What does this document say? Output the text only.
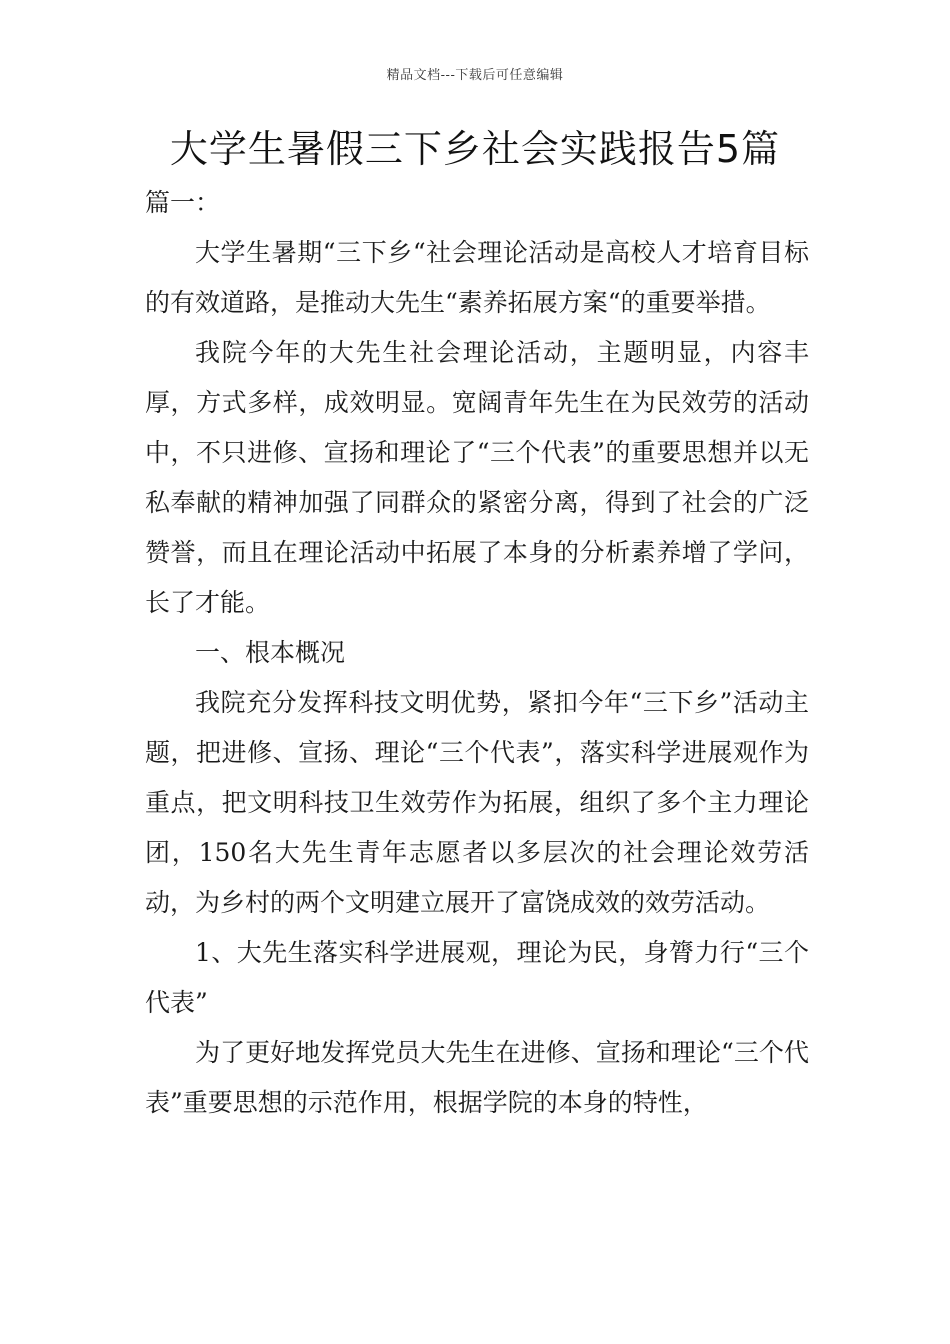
精品文档---下载后可任意编辑
大学生暑假三下乡社会实践报告5篇

篇一：

大学生暑期“三下乡“社会理论活动是高校人才培育目标的有效道路，是推动大先生“素养拓展方案“的重要举措。

我院今年的大先生社会理论活动，主题明显，内容丰厚，方式多样，成效明显。宽阔青年先生在为民效劳的活动中，不只进修、宣扬和理论了“三个代表”的重要思想并以无私奉献的精神加强了同群众的紧密分离，得到了社会的广泛赞誉，而且在理论活动中拓展了本身的分析素养增了学问，长了才能。

一、根本概况

我院充分发挥科技文明优势，紧扣今年“三下乡”活动主题，把进修、宣扬、理论“三个代表”，落实科学进展观作为重点，把文明科技卫生效劳作为拓展，组织了多个主力理论团，150名大先生青年志愿者以多层次的社会理论效劳活动，为乡村的两个文明建立展开了富饶成效的效劳活动。

1、大先生落实科学进展观，理论为民，身膂力行“三个代表”

为了更好地发挥党员大先生在进修、宣扬和理论“三个代表”重要思想的示范作用，根据学院的本身的特性，
